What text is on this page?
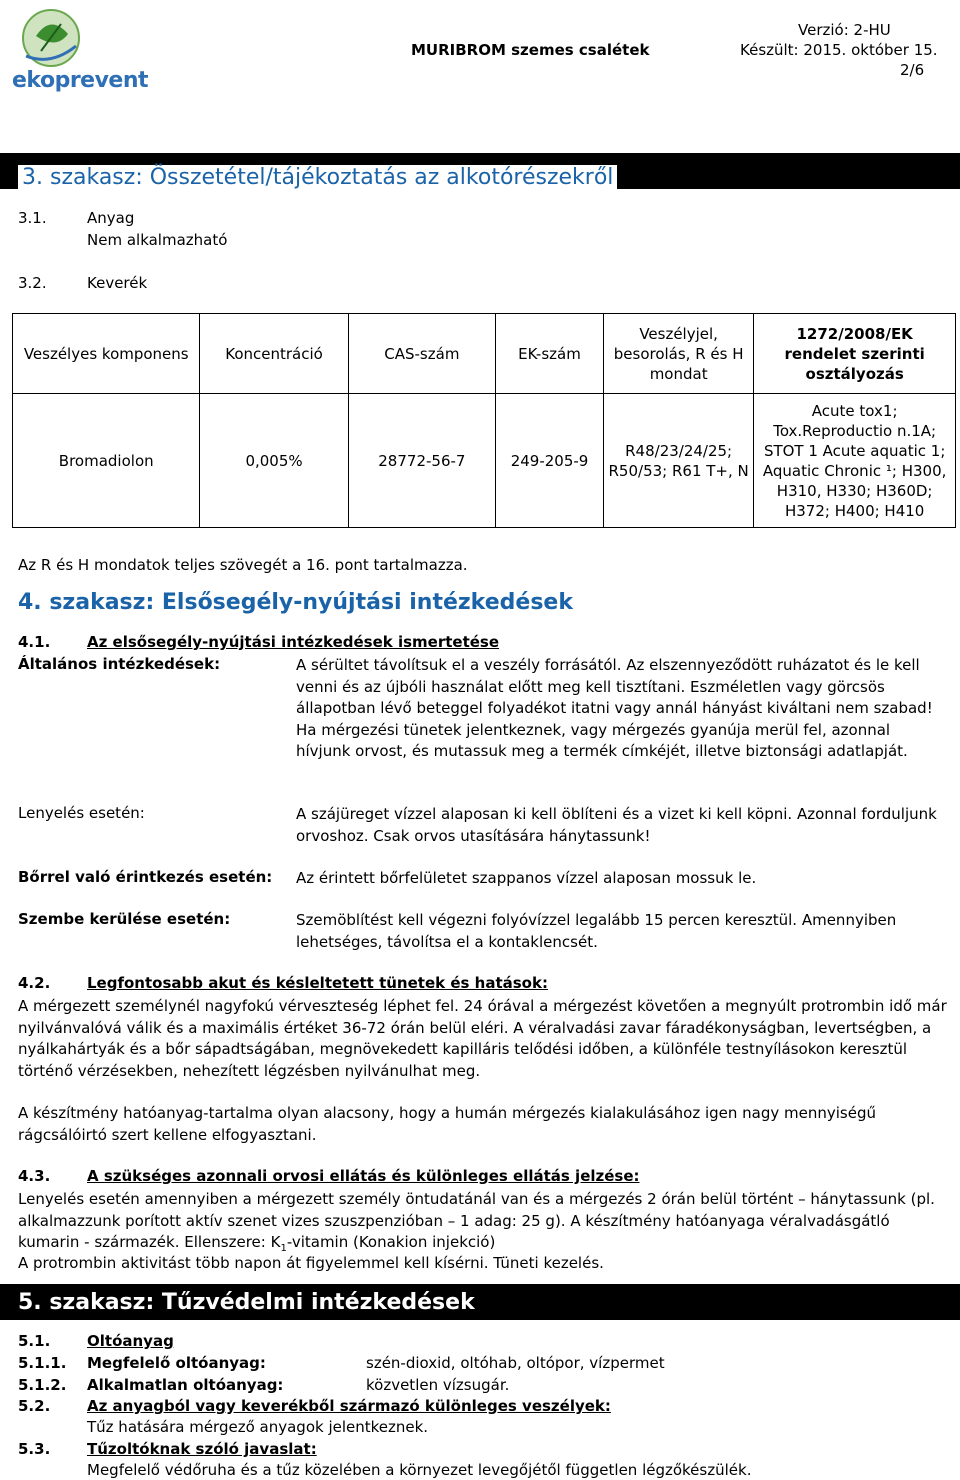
ekoprevent
MURIBROM szemes csalétek
Verzió: 2-HU
Készült: 2015. október 15.
2/6
3. szakasz: Összetétel/tájékoztatás az alkotórészekről
3.1.	Anyag
Nem alkalmazható
3.2.	Keverék
Veszélyes komponens	Koncentráció	CAS-szám	EK-szám	Veszélyjel, besorolás, R és H mondat	1272/2008/EK rendelet szerinti osztályozás
Bromadiolon	0,005%	28772-56-7	249-205-9	R48/23/24/25; R50/53; R61 T+, N	Acute tox1; Tox.Reproductio n.1A; STOT 1 Acute aquatic 1; Aquatic Chronic ¹; H300, H310, H330; H360D; H372; H400; H410
Az R és H mondatok teljes szövegét a 16. pont tartalmazza.
4. szakasz: Elsősegély-nyújtási intézkedések
4.1. Az elsősegély-nyújtási intézkedések ismertetése
Általános intézkedések:	A sérültet távolítsuk el a veszély forrásától. Az elszennyeződött ruházatot és le kell venni és az újbóli használat előtt meg kell tisztítani. Eszméletlen vagy görcsös állapotban lévő beteggel folyadékot itatni vagy annál hányást kiváltani nem szabad! Ha mérgezési tünetek jelentkeznek, vagy mérgezés gyanúja merül fel, azonnal hívjunk orvost, és mutassuk meg a termék címkéjét, illetve biztonsági adatlapját.
Lenyelés esetén:	A szájüreget vízzel alaposan ki kell öblíteni és a vizet ki kell köpni. Azonnal forduljunk orvoshoz. Csak orvos utasítására hánytassunk!
Bőrrel való érintkezés esetén: Az érintett bőrfelületet szappanos vízzel alaposan mossuk le.
Szembe kerülése esetén:	Szemöblítést kell végezni folyóvízzel legalább 15 percen keresztül. Amennyiben lehetséges, távolítsa el a kontaklencsét.
4.2. Legfontosabb akut és késleltetett tünetek és hatások:
A mérgezett személynél nagyfokú vérveszteség léphet fel. 24 órával a mérgezést követően a megnyúlt protrombin idő már nyilvánvalóvá válik és a maximális értéket 36-72 órán belül eléri. A véralvadási zavar fáradékonyságban, levertségben, a nyálkahártyák és a bőr sápadtságában, megnövekedett kapilláris telődési időben, a különféle testnyílásokon keresztül történő vérzésekben, nehezített légzésben nyilvánulhat meg.
A készítmény hatóanyag-tartalma olyan alacsony, hogy a humán mérgezés kialakulásához igen nagy mennyiségű rágcsálóirtó szert kellene elfogyasztani.
4.3. A szükséges azonnali orvosi ellátás és különleges ellátás jelzése:
Lenyelés esetén amennyiben a mérgezett személy öntudatánál van és a mérgezés 2 órán belül történt – hánytassunk (pl. alkalmazzunk porított aktív szenet vizes szuszpenzióban – 1 adag: 25 g). A készítmény hatóanyaga véralvadásgátló kumarin - származék. Ellenszere: $K_1$-vitamin (Konakion injekció)
A protrombin aktivitást több napon át figyelemmel kell kísérni. Tüneti kezelés.
5. szakasz: Tűzvédelmi intézkedések
5.1. Oltóanyag
5.1.1. Megfelelő oltóanyag:	szén-dioxid, oltóhab, oltópor, vízpermet
5.1.2. Alkalmatlan oltóanyag:	közvetlen vízsugár.
5.2. Az anyagból vagy keverékből származó különleges veszélyek:
Tűz hatására mérgező anyagok jelentkeznek.
5.3. Tűzoltóknak szóló javaslat:
Megfelelő védőruha és a tűz közelében a környezet levegőjétől független légzőkészülék.
